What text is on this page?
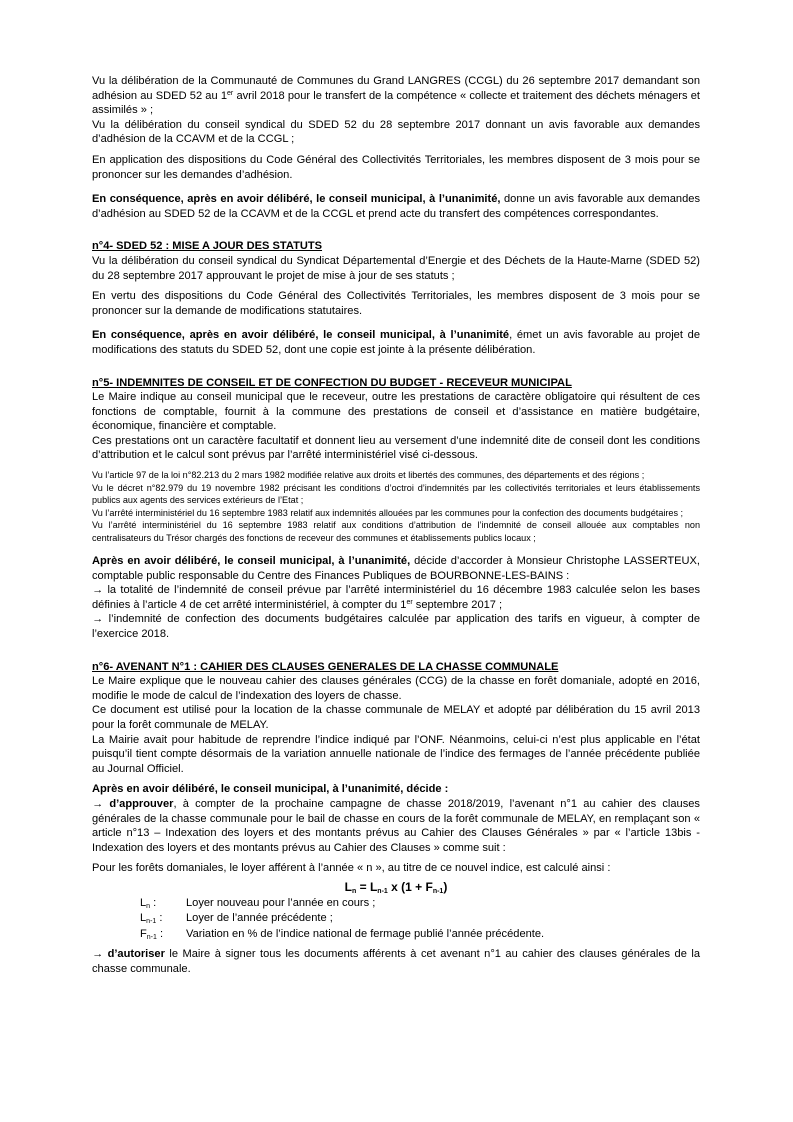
Vu la délibération de la Communauté de Communes du Grand LANGRES (CCGL) du 26 septembre 2017 demandant son adhésion au SDED 52 au 1er avril 2018 pour le transfert de la compétence « collecte et traitement des déchets ménagers et assimilés » ;

Vu la délibération du conseil syndical du SDED 52 du 28 septembre 2017 donnant un avis favorable aux demandes d’adhésion de la CCAVM et de la CCGL ;

En application des dispositions du Code Général des Collectivités Territoriales, les membres disposent de 3 mois pour se prononcer sur les demandes d’adhésion.

En conséquence, après en avoir délibéré, le conseil municipal, à l’unanimité, donne un avis favorable aux demandes d’adhésion au SDED 52 de la CCAVM et de la CCGL et prend acte du transfert des compétences correspondantes.

n°4- SDED 52 : MISE A JOUR DES STATUTS

Vu la délibération du conseil syndical du Syndicat Départemental d’Energie et des Déchets de la Haute-Marne (SDED 52) du 28 septembre 2017 approuvant le projet de mise à jour de ses statuts ;

En vertu des dispositions du Code Général des Collectivités Territoriales, les membres disposent de 3 mois pour se prononcer sur la demande de modifications statutaires.

En conséquence, après en avoir délibéré, le conseil municipal, à l’unanimité, émet un avis favorable au projet de modifications des statuts du SDED 52, dont une copie est jointe à la présente délibération.

n°5- INDEMNITES DE CONSEIL ET DE CONFECTION DU BUDGET - RECEVEUR MUNICIPAL

Le Maire indique au conseil municipal que le receveur, outre les prestations de caractère obligatoire qui résultent de ces fonctions de comptable, fournit à la commune des prestations de conseil et d’assistance en matière budgétaire, économique, financière et comptable.

Ces prestations ont un caractère facultatif et donnent lieu au versement d’une indemnité dite de conseil dont les conditions d’attribution et le calcul sont prévus par l’arrêté interministériel visé ci-dessous.

Vu l’article 97 de la loi n°82.213 du 2 mars 1982 modifiée relative aux droits et libertés des communes, des départements et des régions ;

Vu le décret n°82.979 du 19 novembre 1982 précisant les conditions d’octroi d’indemnités par les collectivités territoriales et leurs établissements publics aux agents des services extérieurs de l’Etat ;

Vu l’arrêté interministériel du 16 septembre 1983 relatif aux indemnités allouées par les communes pour la confection des documents budgétaires ;

Vu l’arrêté interministériel du 16 septembre 1983 relatif aux conditions d’attribution de l’indemnité de conseil allouée aux comptables non centralisateurs du Trésor chargés des fonctions de receveur des communes et établissements publics locaux ;

Après en avoir délibéré, le conseil municipal, à l’unanimité, décide d’accorder à Monsieur Christophe LASSERTEUX, comptable public responsable du Centre des Finances Publiques de BOURBONNE-LES-BAINS :

→ la totalité de l’indemnité de conseil prévue par l’arrêté interministériel du 16 décembre 1983 calculée selon les bases définies à l’article 4 de cet arrêté interministériel, à compter du 1er septembre 2017 ;

→ l’indemnité de confection des documents budgétaires calculée par application des tarifs en vigueur, à compter de l’exercice 2018.

n°6- AVENANT N°1 : CAHIER DES CLAUSES GENERALES DE LA CHASSE COMMUNALE

Le Maire explique que le nouveau cahier des clauses générales (CCG) de la chasse en forêt domaniale, adopté en 2016, modifie le mode de calcul de l’indexation des loyers de chasse.

Ce document est utilisé pour la location de la chasse communale de MELAY et adopté par délibération du 15 avril 2013 pour la forêt communale de MELAY.

La Mairie avait pour habitude de reprendre l’indice indiqué par l’ONF. Néanmoins, celui-ci n’est plus applicable en l’état puisqu’il tient compte désormais de la variation annuelle nationale de l’indice des fermages de l’année précédente publiée au Journal Officiel.

Après en avoir délibéré, le conseil municipal, à l’unanimité, décide :

→ d’approuver, à compter de la prochaine campagne de chasse 2018/2019, l’avenant n°1 au cahier des clauses générales de la chasse communale pour le bail de chasse en cours de la forêt communale de MELAY, en remplaçant son « article n°13 – Indexation des loyers et des montants prévus au Cahier des Clauses Générales » par « l’article 13bis - Indexation des loyers et des montants prévus au Cahier des Clauses » comme suit :

Pour les forêts domaniales, le loyer afférent à l’année « n », au titre de ce nouvel indice, est calculé ainsi :

$L_n = L_{n-1}$ x $(1 + F_{n-1})$

$L_n$ :	Loyer nouveau pour l’année en cours ;
$L_{n-1}$ :	Loyer de l’année précédente ;
$F_{n-1}$ :	Variation en % de l’indice national de fermage publié l’année précédente.

→ d’autoriser le Maire à signer tous les documents afférents à cet avenant n°1 au cahier des clauses générales de la chasse communale.
